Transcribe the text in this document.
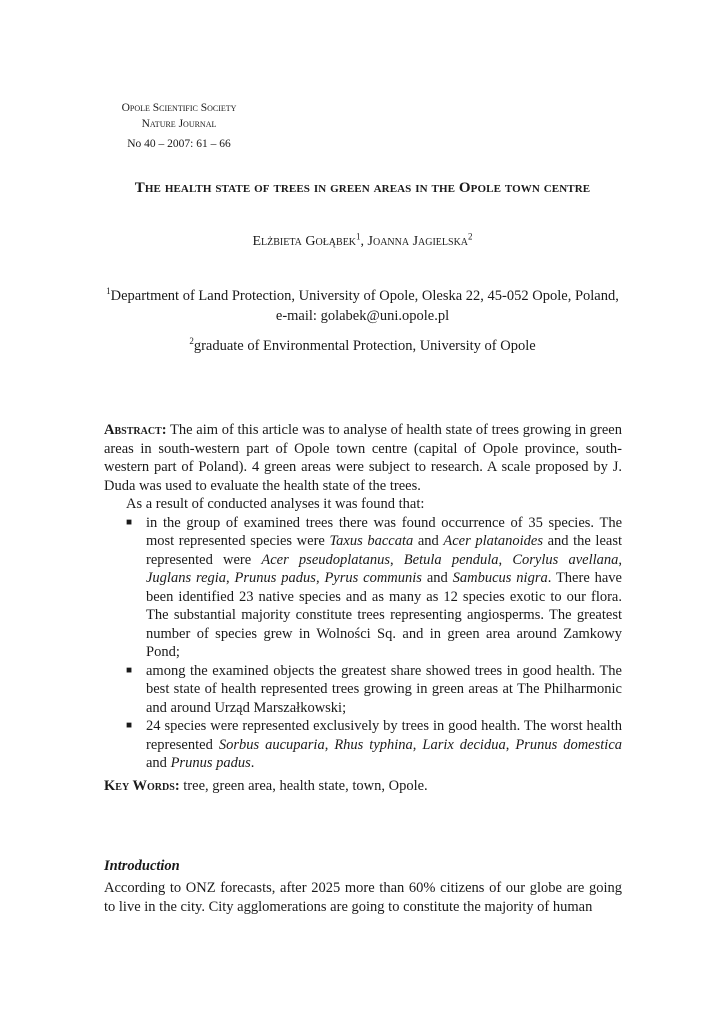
Opole Scientific Society
Nature Journal
No 40 – 2007: 61 – 66
The health state of trees in green areas in the Opole town centre
Elżbieta Gołąbek$^1$, Joanna Jagielska$^2$
$^1$Department of Land Protection, University of Opole, Oleska 22, 45-052 Opole, Poland,
e-mail: golabek@uni.opole.pl
$^2$graduate of Environmental Protection, University of Opole
Abstract: The aim of this article was to analyse of health state of trees growing in green areas in south-western part of Opole town centre (capital of Opole province, south-western part of Poland). 4 green areas were subject to research. A scale proposed by J. Duda was used to evaluate the health state of the trees.
As a result of conducted analyses it was found that:
■ in the group of examined trees there was found occurrence of 35 species. The most represented species were Taxus baccata and Acer platanoides and the least represented were Acer pseudoplatanus, Betula pendula, Corylus avellana, Juglans regia, Prunus padus, Pyrus communis and Sambucus nigra. There have been identified 23 native species and as many as 12 species exotic to our flora. The substantial majority constitute trees representing angiosperms. The greatest number of species grew in Wolności Sq. and in green area around Zamkowy Pond;
■ among the examined objects the greatest share showed trees in good health. The best state of health represented trees growing in green areas at The Philharmonic and around Urząd Marszałkowski;
■ 24 species were represented exclusively by trees in good health. The worst health represented Sorbus aucuparia, Rhus typhina, Larix decidua, Prunus domestica and Prunus padus.
Key Words: tree, green area, health state, town, Opole.
Introduction
According to ONZ forecasts, after 2025 more than 60% citizens of our globe are going to live in the city. City agglomerations are going to constitute the majority of human
